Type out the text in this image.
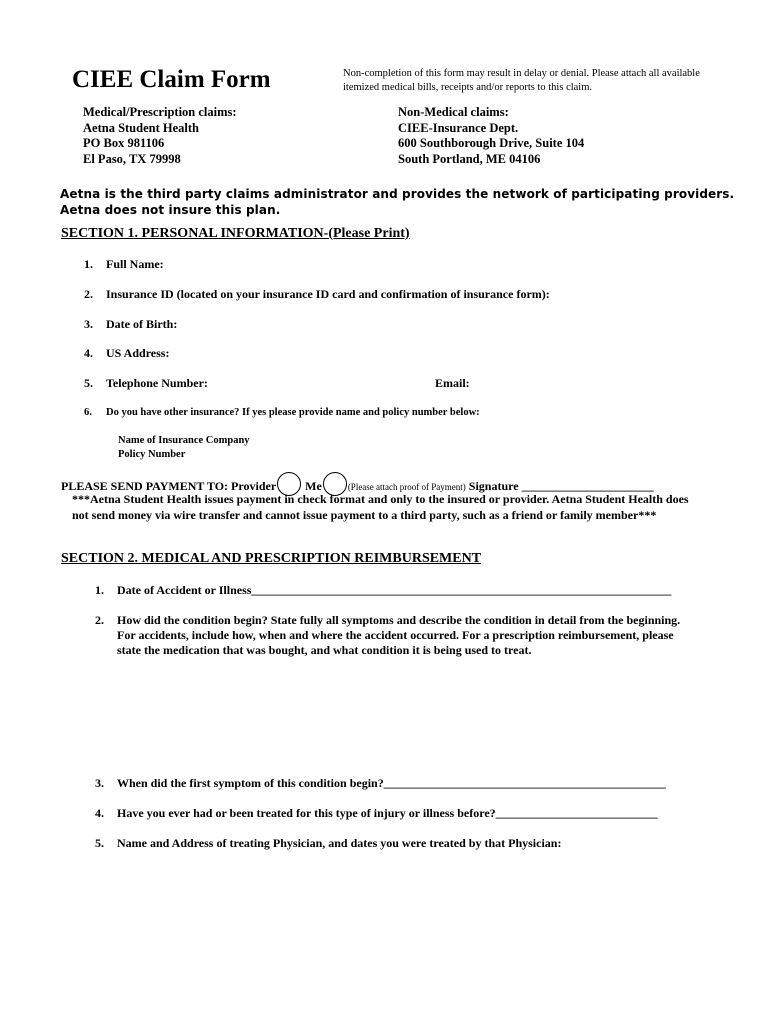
CIEE Claim Form	Non-completion of this form may result in delay or denial. Please attach all available itemized medical bills, receipts and/or reports to this claim.
Medical/Prescription claims:
Aetna Student Health
PO Box 981106
El Paso, TX 79998
Non-Medical claims:
CIEE-Insurance Dept.
600 Southborough Drive, Suite 104
South Portland, ME 04106
Aetna is the third party claims administrator and provides the network of participating providers.
Aetna does not insure this plan.
SECTION 1. PERSONAL INFORMATION-(Please Print)
1. Full Name:
2. Insurance ID (located on your insurance ID card and confirmation of insurance form):
3. Date of Birth:
4. US Address:
5. Telephone Number:	Email:
6. Do you have other insurance? If yes please provide name and policy number below:
Name of Insurance Company
Policy Number
PLEASE SEND PAYMENT TO: Provider Me	(Please attach proof of Payment) Signature ______________________
***Aetna Student Health issues payment in check format and only to the insured or provider. Aetna Student Health does not send money via wire transfer and cannot issue payment to a third party, such as a friend or family member***
SECTION 2. MEDICAL AND PRESCRIPTION REIMBURSEMENT
1. Date of Accident or Illness______________________________________________________________________
2. How did the condition begin? State fully all symptoms and describe the condition in detail from the beginning. For accidents, include how, when and where the accident occurred. For a prescription reimbursement, please state the medication that was bought, and what condition it is being used to treat.
3. When did the first symptom of this condition begin?_______________________________________________
4. Have you ever had or been treated for this type of injury or illness before?___________________________
5. Name and Address of treating Physician, and dates you were treated by that Physician:
